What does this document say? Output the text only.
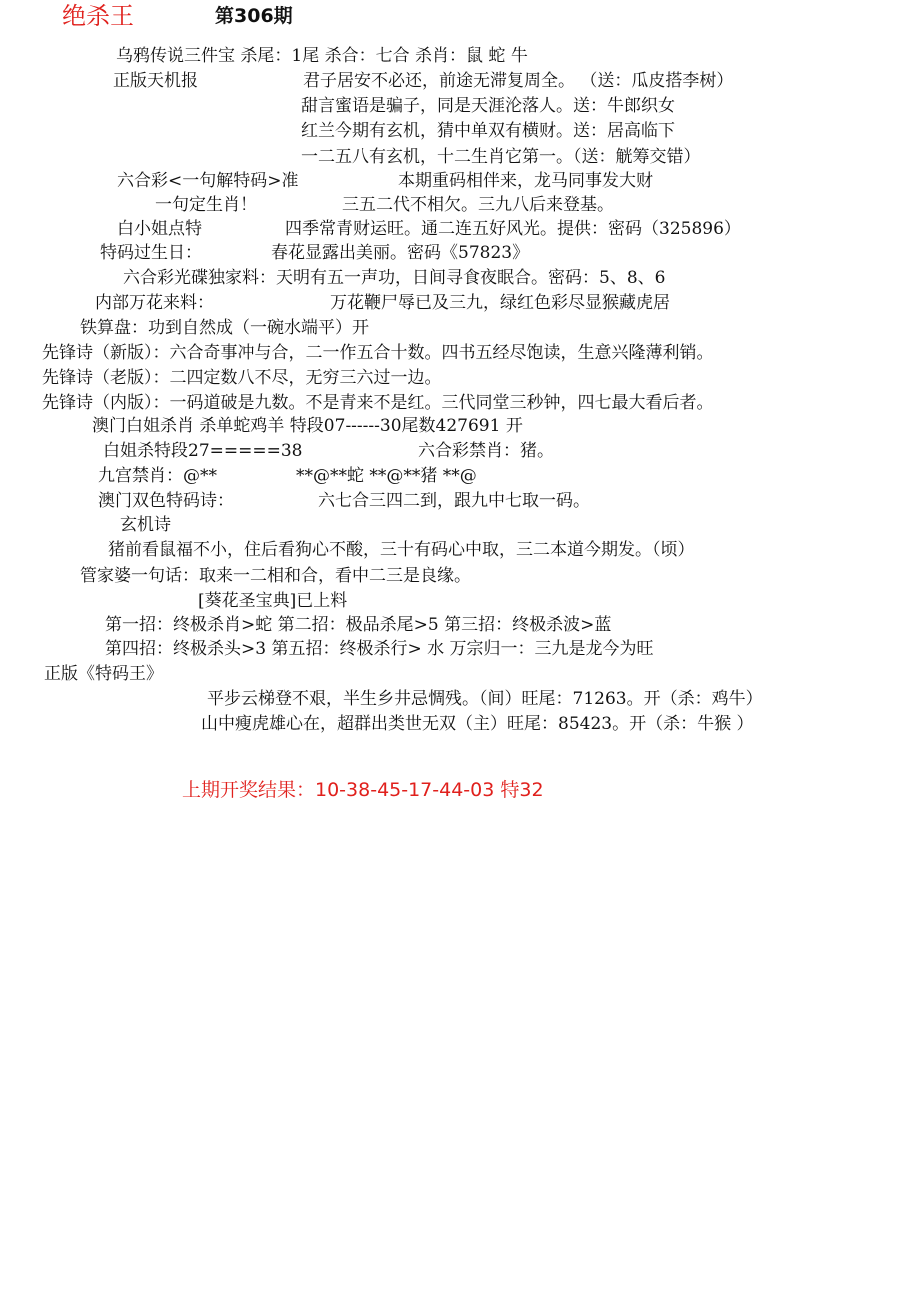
绝杀王	第306期
乌鸦传说三件宝 杀尾：1尾 杀合：七合 杀肖：鼠 蛇 牛
正版天机报	君子居安不必还，前途无滞复周全。 （送：瓜皮搭李树）
甜言蜜语是骗子，同是天涯沦落人。送：牛郎织女
红兰今期有玄机，猜中单双有横财。送：居高临下
一二五八有玄机，十二生肖它第一。（送：觥筹交错）
六合彩<一句解特码>准	本期重码相伴来，龙马同事发大财
一句定生肖！	三五二代不相欠。三九八后来登基。
白小姐点特	四季常青财运旺。通二连五好风光。提供：密码（325896）
特码过生日：	春花显露出美丽。密码《57823》
六合彩光碟独家料：天明有五一声功，日间寻食夜眠合。密码：5、8、6
内部万花来料：	万花鞭尸辱已及三九，绿红色彩尽显猴藏虎居
铁算盘：功到自然成（一碗水端平）开
先锋诗（新版）：六合奇事冲与合，二一作五合十数。四书五经尽饱读，生意兴隆薄利销。
先锋诗（老版）：二四定数八不尽，无穷三六过一边。
先锋诗（内版）：一码道破是九数。不是青来不是红。三代同堂三秒钟，四七最大看后者。
澳门白姐杀肖 杀单蛇鸡羊 特段07------30尾数427691 开
白姐杀特段27=====38	六合彩禁肖：猪。
九宫禁肖：@**	**@**蛇 **@**猪 **@
澳门双色特码诗：	六七合三四二到，跟九中七取一码。
玄机诗
猪前看鼠福不小，住后看狗心不酸，三十有码心中取，三二本道今期发。（顷）
管家婆一句话：取来一二相和合，看中二三是良缘。
[葵花圣宝典]已上料
第一招：终极杀肖>蛇 第二招：极品杀尾>5 第三招：终极杀波>蓝
第四招：终极杀头>3 第五招：终极杀行> 水 万宗归一：三九是龙今为旺
正版《特码王》
平步云梯登不艰，半生乡井忌惆残。（间）旺尾：71263。开（杀：鸡牛）
山中瘦虎雄心在，超群出类世无双（主）旺尾：85423。开（杀：牛猴 ）
上期开奖结果：10-38-45-17-44-03 特32
